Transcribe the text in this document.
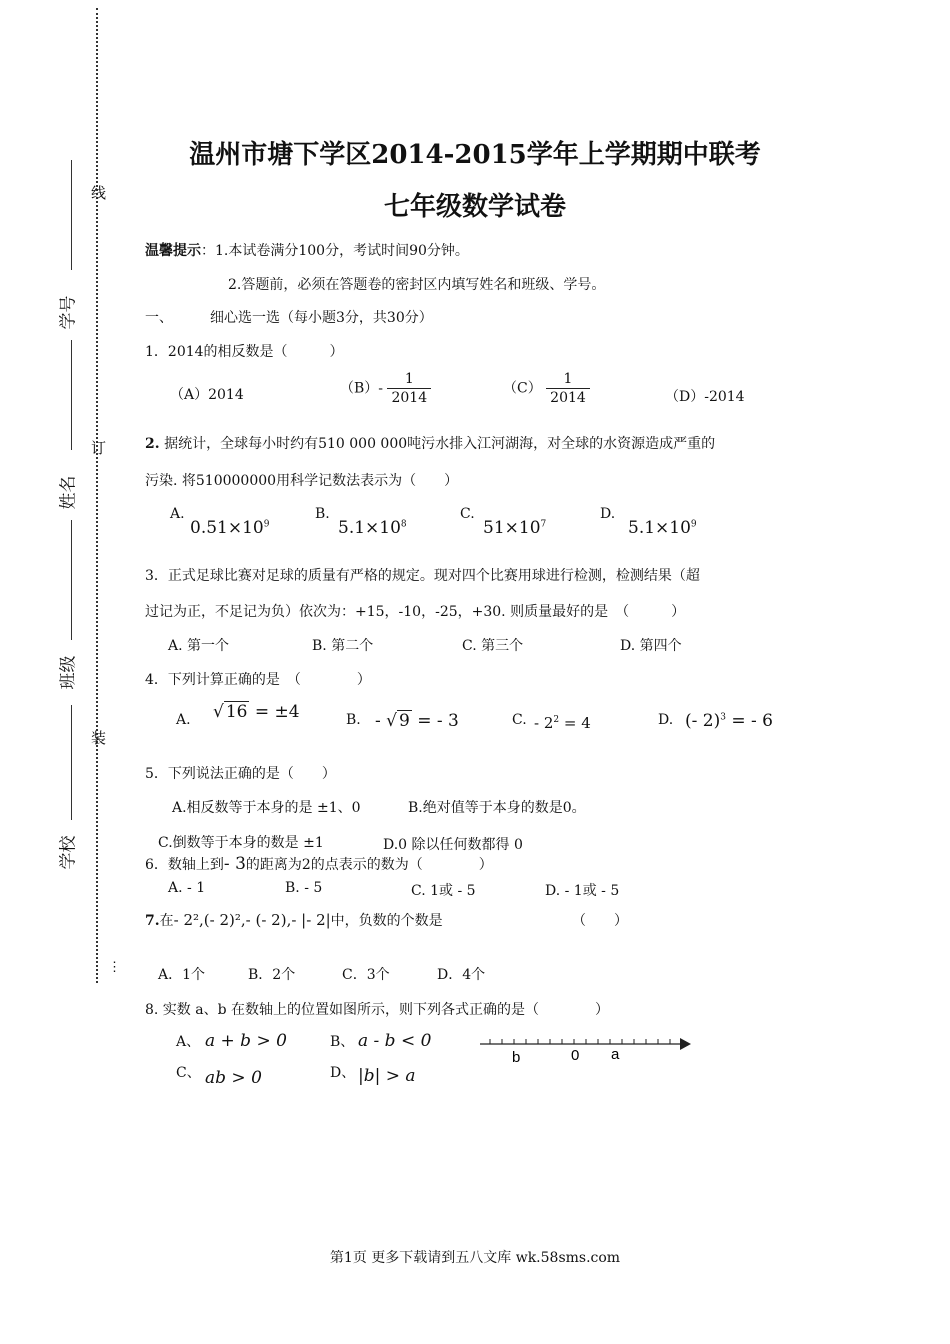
线
订
装
⋮
学号
姓名
班级
学校
温州市塘下学区2014-2015学年上学期期中联考
七年级数学试卷
温馨提示：1.本试卷满分100分，考试时间90分钟。
2.答题前，必须在答题卷的密封区内填写姓名和班级、学号。
一、	细心选一选（每小题3分，共30分）
1．2014的相反数是（　　　）
（A）2014	$(B)- \frac{1}{2014}$	$(C) \frac{1}{2014}$	（D）-2014
2. 据统计，全球每小时约有510 000 000吨污水排入江河湖海，对全球的水资源造成严重的
污染. 将510000000用科学记数法表示为（　　）
A.
$0.51\times 10^9$
B.
$5.1\times 10^8$
C.
$51\times 10^7$
D.
$5.1\times 10^9$
3．正式足球比赛对足球的质量有严格的规定。现对四个比赛用球进行检测，检测结果（超
过记为正，不足记为负）依次为：+15，-10，-25，+30. 则质量最好的是　（　　　）
A. 第一个	B. 第二个	C. 第三个	D. 第四个
4．下列计算正确的是　（　　　　）
A. √ 16 = ±4	B. - √ 9 = - 3	C. - $2^2 = 4$	D. (- 2)$^3$ = - 6
5．下列说法正确的是（　　）
A.相反数等于本身的是 ±1、0	B.绝对值等于本身的数是0。
C.倒数等于本身的数是 ±1	D.0 除以任何数都得 0
6．数轴上到- 3的距离为2的点表示的数为（　　　　）
A. - 1	B. - 5	C. 1或 - 5	D. - 1或 - 5
7.在- 2²,(- 2)²,- (- 2),- |- 2|中，负数的个数是	（　　）
A．1个	B．2个	C．3个	D．4个
8. 实数 a、b 在数轴上的位置如图所示，则下列各式正确的是（　　　　）
A、 a + b > 0	B、 a - b < 0
C、 ab > 0	D、 |b| > a
b	0 a
第1页 更多下载请到五八文库 wk.58sms.com
